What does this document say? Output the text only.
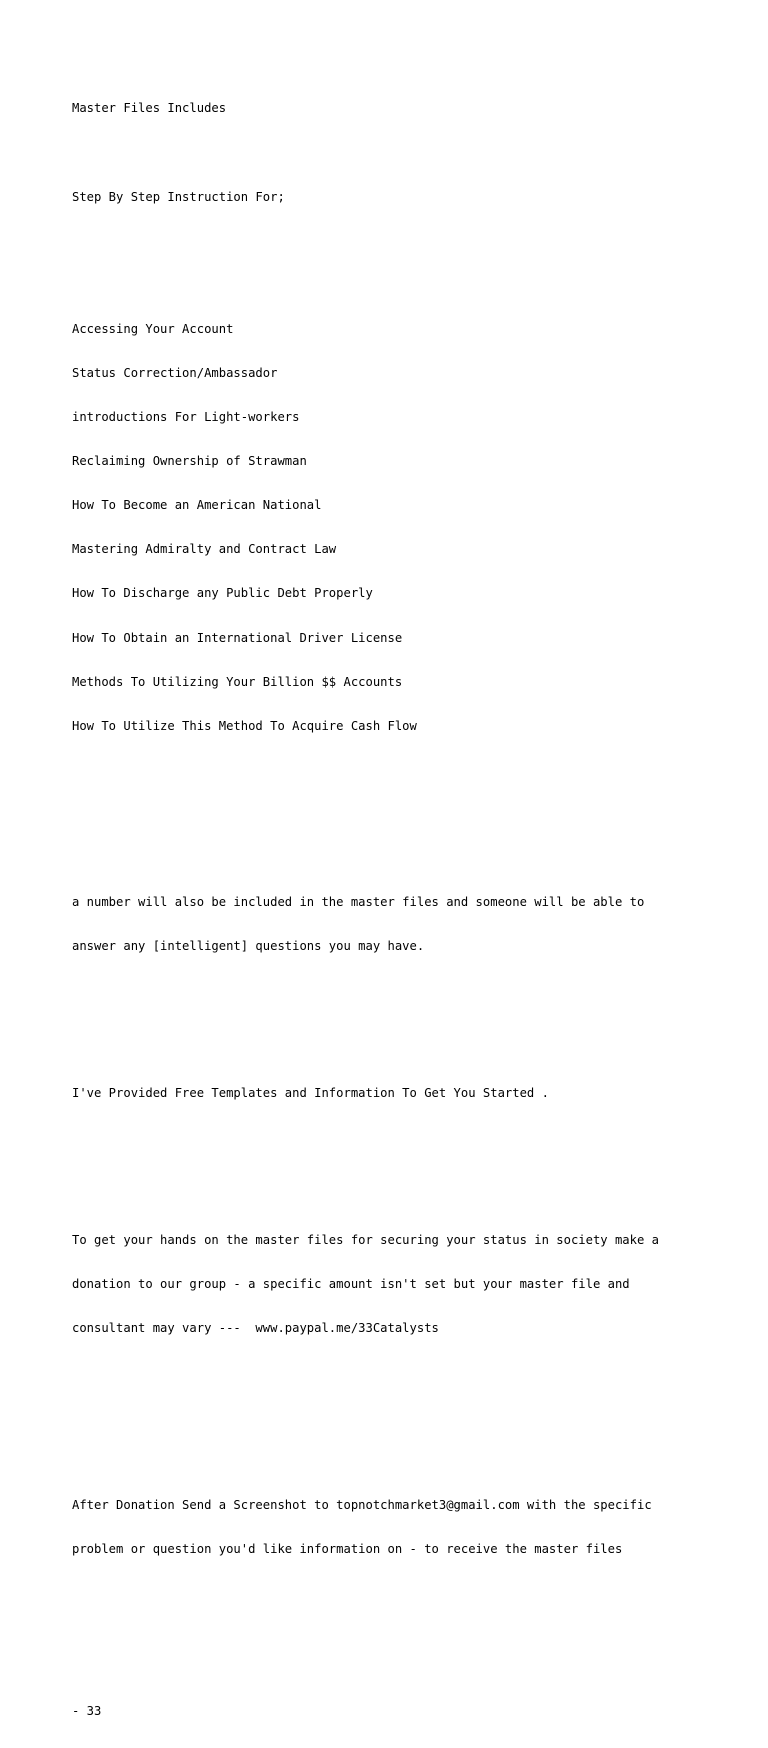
Master Files Includes

Step By Step Instruction For;

Accessing Your Account

Status Correction/Ambassador

introductions For Light-workers

Reclaiming Ownership of Strawman

How To Become an American National

Mastering Admiralty and Contract Law

How To Discharge any Public Debt Properly

How To Obtain an International Driver License

Methods To Utilizing Your Billion $$ Accounts

How To Utilize This Method To Acquire Cash Flow

a number will also be included in the master files and someone will be able to

answer any [intelligent] questions you may have.

I've Provided Free Templates and Information To Get You Started .

To get your hands on the master files for securing your status in society make a

donation to our group - a specific amount isn't set but your master file and

consultant may vary ---  www.paypal.me/33Catalysts

After Donation Send a Screenshot to topnotchmarket3@gmail.com with the specific

problem or question you'd like information on - to receive the master files

- 33
